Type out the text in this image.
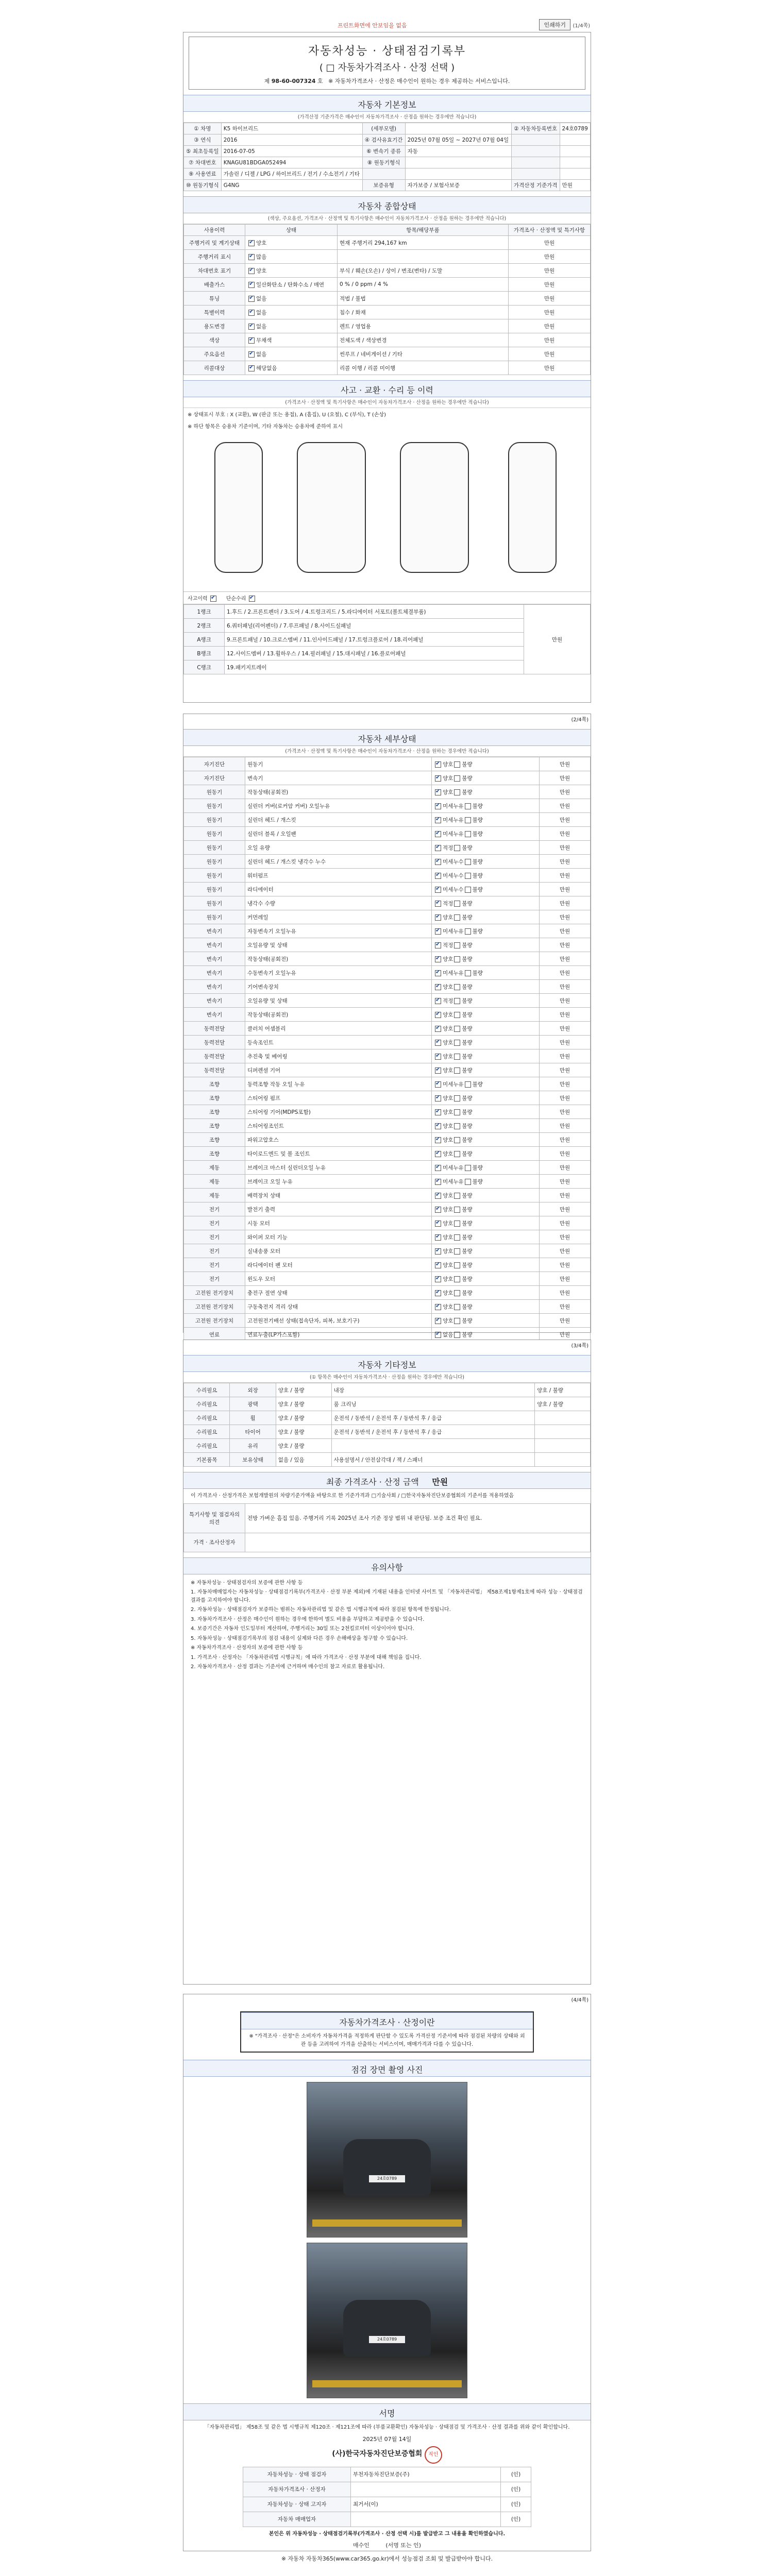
프린트화면에 안보임을 없음	인쇄하기	(1/4쪽)
자동차성능 · 상태점검기록부
( □ 자동차가격조사 · 산정 선택 )
제 98-60-007324 호 ※ 자동차가격조사 · 산정은 매수인이 원하는 경우 제공하는 서비스입니다.
자동차 기본정보
(가격산정 기준가격은 매수인이 자동차가격조사 · 산정을 원하는 경우에만 적습니다)
① 차명	K5 하이브리드	(세부모델)		② 자동차등록번호	24호0789
③ 연식	2016	④ 검사유효기간	2025년 07월 05일 ~ 2027년 07월 04일		
⑤ 최초등록일	2016-07-05	⑥ 변속기 종류	자동		
⑦ 차대번호	KNAGU81BDGA052494	⑧ 원동기형식			
⑨ 사용연료	가솔린 / 디젤 / LPG / 하이브리드 / 전기 / 수소전기 / 기타				
⑩ 원동기형식	G4NG	보증유형	자가보증 / 보험사보증	가격산정 기준가격	만원
자동차 종합상태
(색상, 주요옵션, 가격조사 · 산정액 및 특기사항은 매수인이 자동차가격조사 · 산정을 원하는 경우에만 적습니다)
사용이력	상태	항목/해당부품	가격조사 · 산정액 및 특기사항
주행거리 및 계기상태	✔양호	현재 주행거리 294,167 km	만원
주행거리 표시	✔많음		만원
차대번호 표기	✔양호	부식 / 훼손(오손) / 상이 / 변조(변타) / 도말	만원
배출가스	✔일산화탄소 / 탄화수소 / 매연	0 % / 0 ppm / 4 %	만원
튜닝	✔없음	적법 / 불법	만원
특별이력	✔없음	침수 / 화재	만원
용도변경	✔없음	렌트 / 영업용	만원
색상	✔무채색	전체도색 / 색상변경	만원
주요옵션	✔없음	썬루프 / 네비게이션 / 기타	만원
리콜대상	✔해당없음	리콜 이행 / 리콜 미이행	만원
사고 · 교환 · 수리 등 이력
(가격조사 · 산정액 및 특기사항은 매수인이 자동차가격조사 · 산정을 원하는 경우에만 적습니다)
※ 상태표시 부호 : X (교환), W (판금 또는 용접), A (흠집), U (요철), C (부식), T (손상)
※ 하단 항목은 승용차 기준이며, 기타 자동차는 승용차에 준하여 표시
사고이력 ✔	단순수리 ✔
1랭크	1.후드 / 2.프론트펜더 / 3.도어 / 4.트렁크리드 / 5.라디에이터 서포트(볼트체결부품)	만원
2랭크	6.쿼터패널(리어펜더) / 7.루프패널 / 8.사이드실패널	
A랭크	9.프론트패널 / 10.크로스멤버 / 11.인사이드패널 / 17.트렁크플로어 / 18.리어패널	
B랭크	12.사이드멤버 / 13.휠하우스 / 14.필러패널 / 15.대시패널 / 16.플로어패널	
C랭크	19.패키지트레이	
(2/4쪽)
자동차 세부상태
(가격조사 · 산정액 및 특기사항은 매수인이 자동차가격조사 · 산정을 원하는 경우에만 적습니다)
자기진단	원동기	✔양호 불량	만원
자기진단	변속기	✔양호 불량	만원
원동기	작동상태(공회전)	✔양호 불량	만원
원동기	실린더 커버(로커암 커버) 오일누유	✔미세누유 불량	만원
원동기	실린더 헤드 / 개스킷	✔미세누유 불량	만원
원동기	실린더 블록 / 오일팬	✔미세누유 불량	만원
원동기	오일 유량	✔적정 불량	만원
원동기	실린더 헤드 / 개스킷 냉각수 누수	✔미세누수 불량	만원
원동기	워터펌프	✔미세누수 불량	만원
원동기	라디에이터	✔미세누수 불량	만원
원동기	냉각수 수량	✔적정 불량	만원
원동기	커먼레일	✔양호 불량	만원
변속기	자동변속기 오일누유	✔미세누유 불량	만원
변속기	오일유량 및 상태	✔적정 불량	만원
변속기	작동상태(공회전)	✔양호 불량	만원
변속기	수동변속기 오일누유	✔미세누유 불량	만원
변속기	기어변속장치	✔양호 불량	만원
변속기	오일유량 및 상태	✔적정 불량	만원
변속기	작동상태(공회전)	✔양호 불량	만원
동력전달	클러치 어셈블리	✔양호 불량	만원
동력전달	등속조인트	✔양호 불량	만원
동력전달	추진축 및 베어링	✔양호 불량	만원
동력전달	디퍼렌셜 기어	✔양호 불량	만원
조향	동력조향 작동 오일 누유	✔미세누유 불량	만원
조향	스티어링 펌프	✔양호 불량	만원
조향	스티어링 기어(MDPS포함)	✔양호 불량	만원
조향	스티어링조인트	✔양호 불량	만원
조향	파워고압호스	✔양호 불량	만원
조향	타이로드엔드 및 볼 조인트	✔양호 불량	만원
제동	브레이크 마스터 실린더오일 누유	✔미세누유 불량	만원
제동	브레이크 오일 누유	✔미세누유 불량	만원
제동	배력장치 상태	✔양호 불량	만원
전기	발전기 출력	✔양호 불량	만원
전기	시동 모터	✔양호 불량	만원
전기	와이퍼 모터 기능	✔양호 불량	만원
전기	실내송풍 모터	✔양호 불량	만원
전기	라디에이터 팬 모터	✔양호 불량	만원
전기	윈도우 모터	✔양호 불량	만원
고전원 전기장치	충전구 절연 상태	✔양호 불량	만원
고전원 전기장치	구동축전지 격리 상태	✔양호 불량	만원
고전원 전기장치	고전원전기배선 상태(접속단자, 피복, 보호기구)	✔양호 불량	만원
연료	연료누출(LP가스포함)	✔없음 불량	만원
(3/4쪽)
자동차 기타정보
(① 항목은 매수인이 자동차가격조사 · 산정을 원하는 경우에만 적습니다)
수리필요	외장	양호 / 불량	내장	양호 / 불량
수리필요	광택	양호 / 불량	룸 크리닝	양호 / 불량
수리필요	휠	양호 / 불량	운전석 / 동반석 / 운전석 후 / 동반석 후 / 응급	
수리필요	타이어	양호 / 불량	운전석 / 동반석 / 운전석 후 / 동반석 후 / 응급	
수리필요	유리	양호 / 불량		
기본품목	보유상태	없음 / 있음	사용설명서 / 안전삼각대 / 잭 / 스패너	
최종 가격조사 · 산정 금액 만원
이 가격조사 · 산정가격은 보험개발원의 차량기준가액을 바탕으로 한 기준가격과 □기술사회 / □한국자동차진단보증협회의 기준서를 적용하였음
특기사항 및 점검자의 의견	전방 가벼운 흠집 있음. 주행거리 기록 2025년 조사 기준 정상 범위 내 판단됨. 보증 조건 확인 필요.
가격 · 조사산정자	
유의사항

※ 자동차성능 · 상태점검자의 보증에 관한 사항 등

1. 자동차매매업자는 자동차성능 · 상태점검기록부(가격조사 · 산정 부분 제외)에 기재된 내용을 인터넷 사이트 및 「자동차관리법」 제58조제1항제1호에 따라 성능 · 상태점검 결과를 고지하여야 합니다.

2. 자동차성능 · 상태점검자가 보증하는 범위는 자동차관리법 및 같은 법 시행규칙에 따라 점검된 항목에 한정됩니다.

3. 자동차가격조사 · 산정은 매수인이 원하는 경우에 한하여 별도 비용을 부담하고 제공받을 수 있습니다.

4. 보증기간은 자동차 인도일부터 계산하며, 주행거리는 30일 또는 2천킬로미터 이상이어야 합니다.

5. 자동차성능 · 상태점검기록부의 점검 내용이 실제와 다른 경우 손해배상을 청구할 수 있습니다.

※ 자동차가격조사 · 산정자의 보증에 관한 사항 등

1. 가격조사 · 산정자는 「자동차관리법 시행규칙」에 따라 가격조사 · 산정 부분에 대해 책임을 집니다.

2. 자동차가격조사 · 산정 결과는 기준서에 근거하며 매수인의 참고 자료로 활용됩니다.

(4/4쪽)
자동차가격조사 · 산정이란
※ "가격조사 · 산정"은 소비자가 자동차가격을 적정하게 판단할 수 있도록 가격산정 기준서에 따라 점검된 차량의 상태와 외관 등을 고려하여 가격을 산출하는 서비스이며, 매매가격과 다를 수 있습니다.
점검 장면 촬영 사진
24호0789
24호0789
서명
「자동차관리법」 제58조 및 같은 법 시행규칙 제120조 · 제121조에 따라 (부품교환확인) 자동차성능 · 상태점검 및 가격조사 · 산정 결과를 위와 같이 확인합니다.
2025년 07월 14일
(사)한국자동차진단보증협회 직인
자동차성능 · 상태 점검자	부천자동차진단보증(주)	(인)
자동차가격조사 · 산정자		(인)
자동차성능 · 상태 고지자	최거서(이)	(인)
자동차 매매업자		(인)
본인은 위 자동차성능 · 상태점검기록부(가격조사 · 산정 선택 시)를 발급받고 그 내용을 확인하였습니다.
매수인	(서명 또는 인)
※ 자동차 자동차365(www.car365.go.kr)에서 성능점검 조회 및 발급받아야 합니다.
